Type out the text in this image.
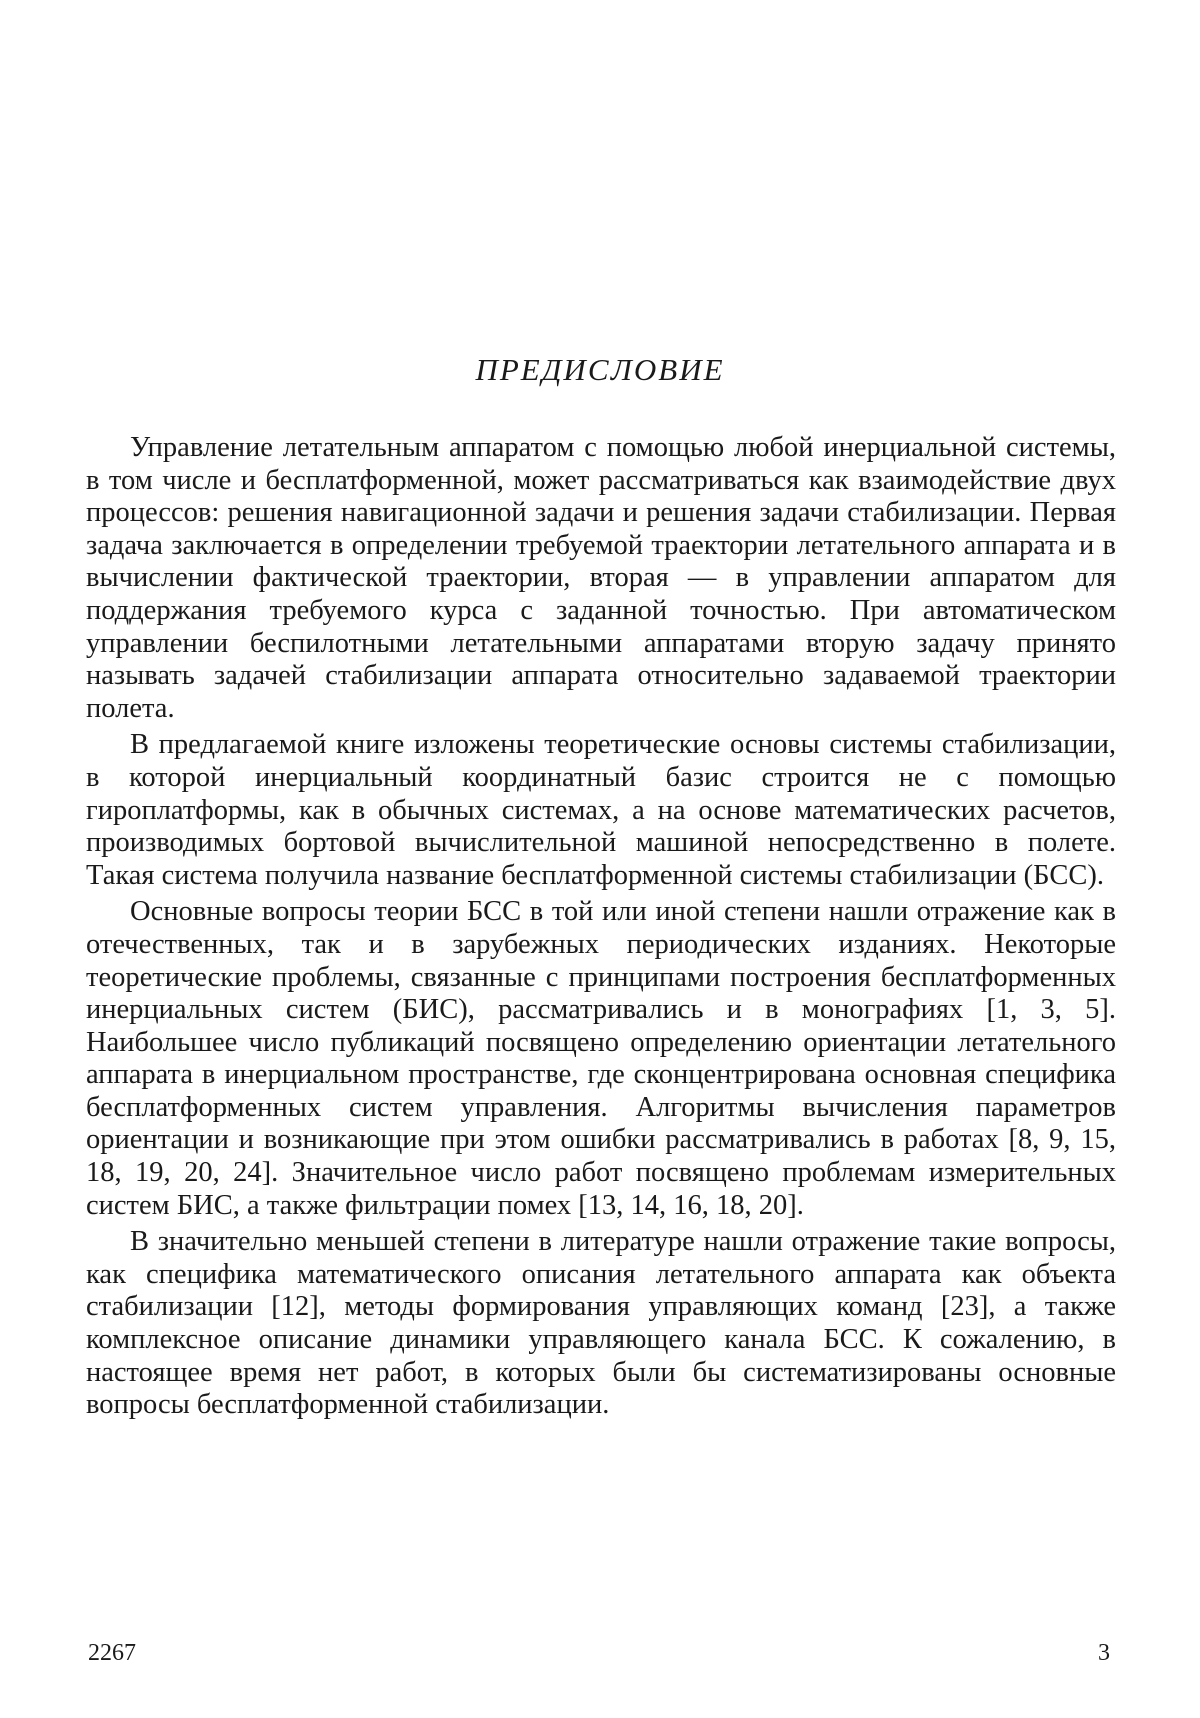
ПРЕДИСЛОВИЕ

Управление летательным аппаратом с помощью любой инерциальной системы, в том числе и бесплатформенной, может рассматриваться как взаимодействие двух процессов: решения навигационной задачи и решения задачи стабилизации. Первая задача заключается в определении требуемой траектории летательного аппарата и в вычислении фактической траектории, вторая — в управлении аппаратом для поддержания требуемого курса с заданной точностью. При автоматическом управлении беспилотными летательными аппаратами вторую задачу принято называть задачей стабилизации аппарата относительно задаваемой траектории полета.

В предлагаемой книге изложены теоретические основы системы стабилизации, в которой инерциальный координатный базис строится не с помощью гироплатформы, как в обычных системах, а на основе математических расчетов, производимых бортовой вычислительной машиной непосредственно в полете. Такая система получила название бесплатформенной системы стабилизации (БСС).

Основные вопросы теории БСС в той или иной степени нашли отражение как в отечественных, так и в зарубежных периодических изданиях. Некоторые теоретические проблемы, связанные с принципами построения бесплатформенных инерциальных систем (БИС), рассматривались и в монографиях [1, 3, 5]. Наибольшее число публикаций посвящено определению ориентации летательного аппарата в инерциальном пространстве, где сконцентрирована основная специфика бесплатформенных систем управления. Алгоритмы вычисления параметров ориентации и возникающие при этом ошибки рассматривались в работах [8, 9, 15, 18, 19, 20, 24]. Значительное число работ посвящено проблемам измерительных систем БИС, а также фильтрации помех [13, 14, 16, 18, 20].

В значительно меньшей степени в литературе нашли отражение такие вопросы, как специфика математического описания летательного аппарата как объекта стабилизации [12], методы формирования управляющих команд [23], а также комплексное описание динамики управляющего канала БСС. К сожалению, в настоящее время нет работ, в которых были бы систематизированы основные вопросы бесплатформенной стабилизации.

2267	3
